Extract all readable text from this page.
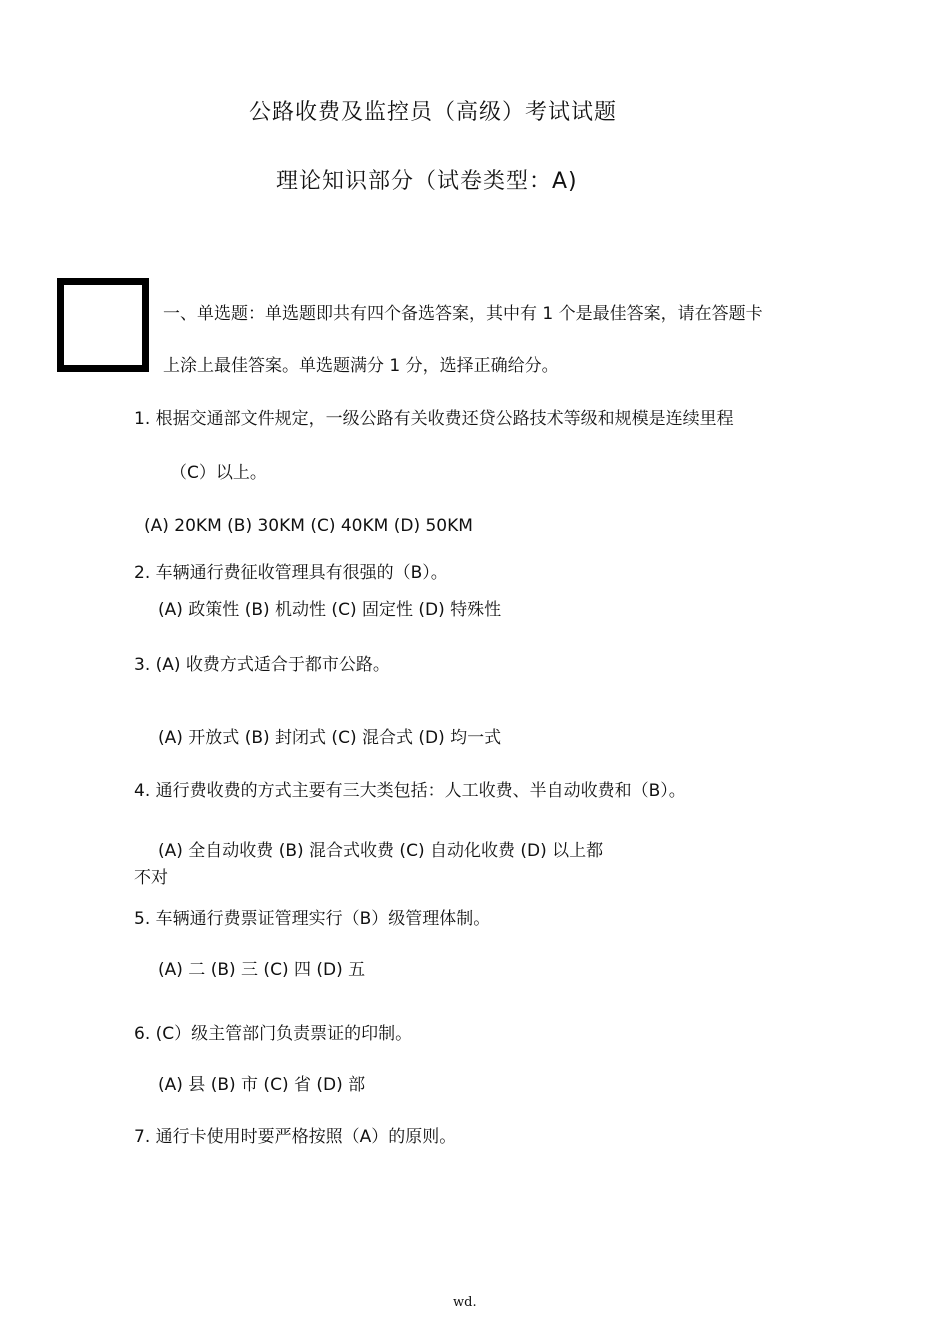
公路收费及监控员（高级）考试试题
理论知识部分（试卷类型：A)
一、单选题：单选题即共有四个备选答案，其中有 1 个是最佳答案，请在答题卡
上涂上最佳答案。单选题满分 1 分，选择正确给分。
1. 根据交通部文件规定，一级公路有关收费还贷公路技术等级和规模是连续里程
（C）以上。
(A) 20KM (B) 30KM (C) 40KM (D) 50KM
2. 车辆通行费征收管理具有很强的（B）。
(A) 政策性 (B) 机动性 (C) 固定性 (D) 特殊性
3. (A) 收费方式适合于都市公路。
(A) 开放式 (B) 封闭式 (C) 混合式 (D) 均一式
4. 通行费收费的方式主要有三大类包括：人工收费、半自动收费和（B）。
(A) 全自动收费 (B) 混合式收费 (C) 自动化收费 (D) 以上都
不对
5. 车辆通行费票证管理实行（B）级管理体制。
(A) 二 (B) 三 (C) 四 (D) 五
6. (C）级主管部门负责票证的印制。
(A) 县 (B) 市 (C) 省 (D) 部
7. 通行卡使用时要严格按照（A）的原则。
wd.
